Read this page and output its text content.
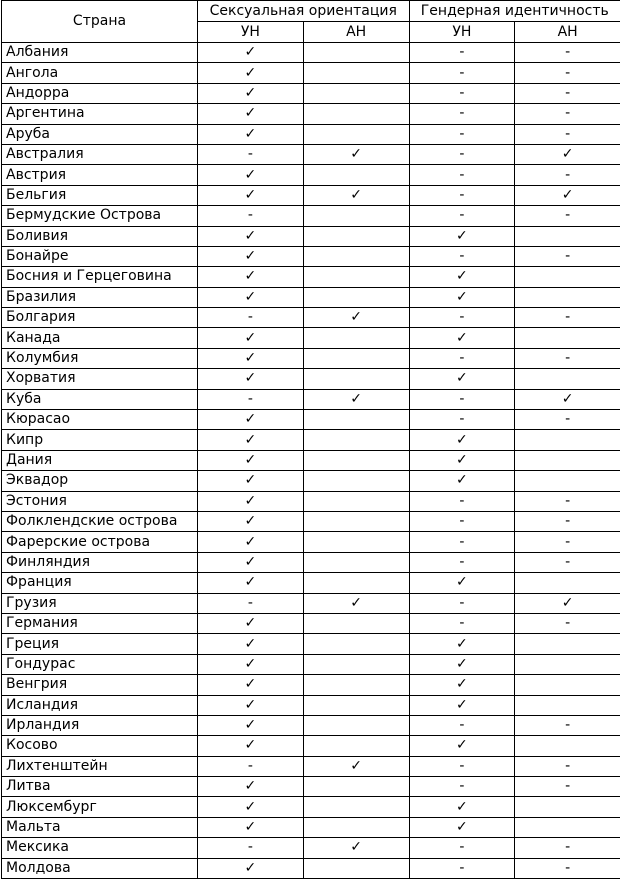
Страна	Сексуальная ориентация		Гендерная идентичность	
	УН	АН	УН	АН
Албания	✓		-	-
Ангола	✓		-	-
Андорра	✓		-	-
Аргентина	✓		-	-
Аруба	✓		-	-
Австралия	-	✓	-	✓
Австрия	✓		-	-
Бельгия	✓	✓	-	✓
Бермудские Острова	-		-	-
Боливия	✓		✓	
Бонайре	✓		-	-
Босния и Герцеговина	✓		✓	
Бразилия	✓		✓	
Болгария	-	✓	-	-
Канада	✓		✓	
Колумбия	✓		-	-
Хорватия	✓		✓	
Куба	-	✓	-	✓
Кюрасао	✓		-	-
Кипр	✓		✓	
Дания	✓		✓	
Эквадор	✓		✓	
Эстония	✓		-	-
Фолклендские острова	✓		-	-
Фарерские острова	✓		-	-
Финляндия	✓		-	-
Франция	✓		✓	
Грузия	-	✓	-	✓
Германия	✓		-	-
Греция	✓		✓	
Гондурас	✓		✓	
Венгрия	✓		✓	
Исландия	✓		✓	
Ирландия	✓		-	-
Косово	✓		✓	
Лихтенштейн	-	✓	-	-
Литва	✓		-	-
Люксембург	✓		✓	
Мальта	✓		✓	
Мексика	-	✓	-	-
Молдова	✓		-	-
